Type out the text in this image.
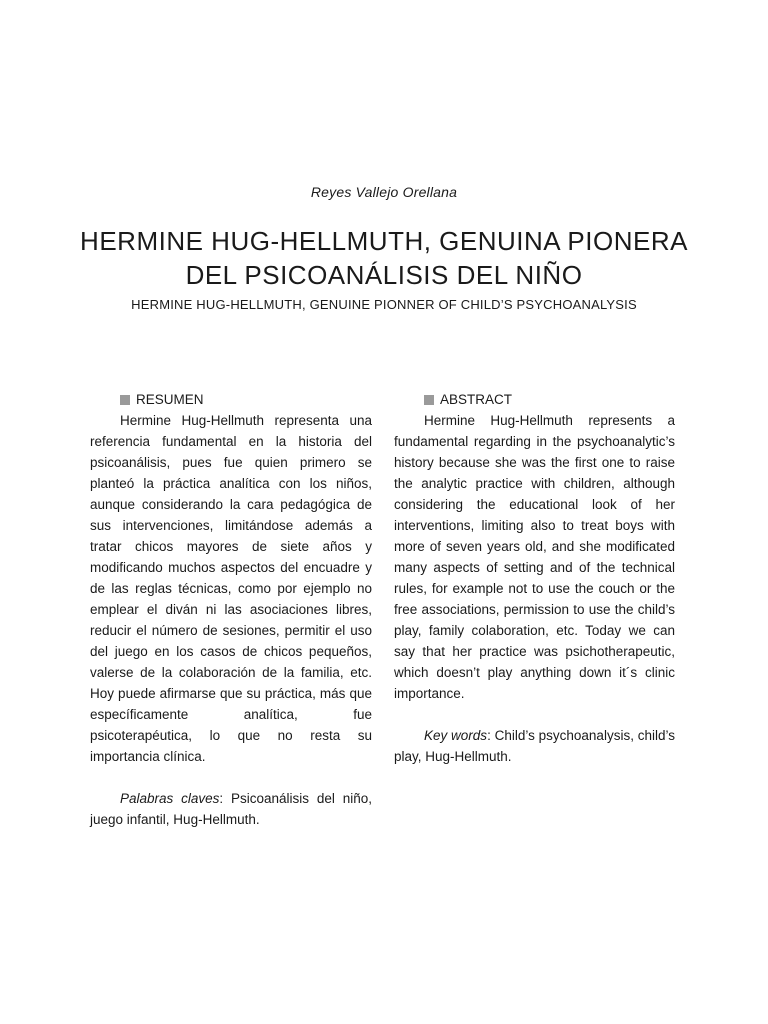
Reyes Vallejo Orellana
HERMINE HUG-HELLMUTH, GENUINA PIONERA
DEL PSICOANÁLISIS DEL NIÑO
HERMINE HUG-HELLMUTH, GENUINE PIONNER OF CHILD’S PSYCHOANALYSIS
RESUMEN

Hermine Hug-Hellmuth representa una referencia fundamental en la historia del psicoanálisis, pues fue quien primero se planteó la práctica analítica con los niños, aunque considerando la cara pedagógica de sus intervenciones, limitándose además a tratar chicos mayores de siete años y modificando muchos aspectos del encuadre y de las reglas técnicas, como por ejemplo no emplear el diván ni las asociaciones libres, reducir el número de sesiones, permitir el uso del juego en los casos de chicos pequeños, valerse de la colaboración de la familia, etc. Hoy puede afirmarse que su práctica, más que específicamente analítica, fue psicoterapéutica, lo que no resta su importancia clínica.

Palabras claves: Psicoanálisis del niño, juego infantil, Hug-Hellmuth.

ABSTRACT

Hermine Hug-Hellmuth represents a fundamental regarding in the psychoanalytic’s history because she was the first one to raise the analytic practice with children, although considering the educational look of her interventions, limiting also to treat boys with more of seven years old, and she modificated many aspects of setting and of the technical rules, for example not to use the couch or the free associations, permission to use the child’s play, family colaboration, etc. Today we can say that her practice was psichotherapeutic, which doesn’t play anything down it´s clinic importance.

Key words: Child’s psychoanalysis, child’s play, Hug-Hellmuth.
